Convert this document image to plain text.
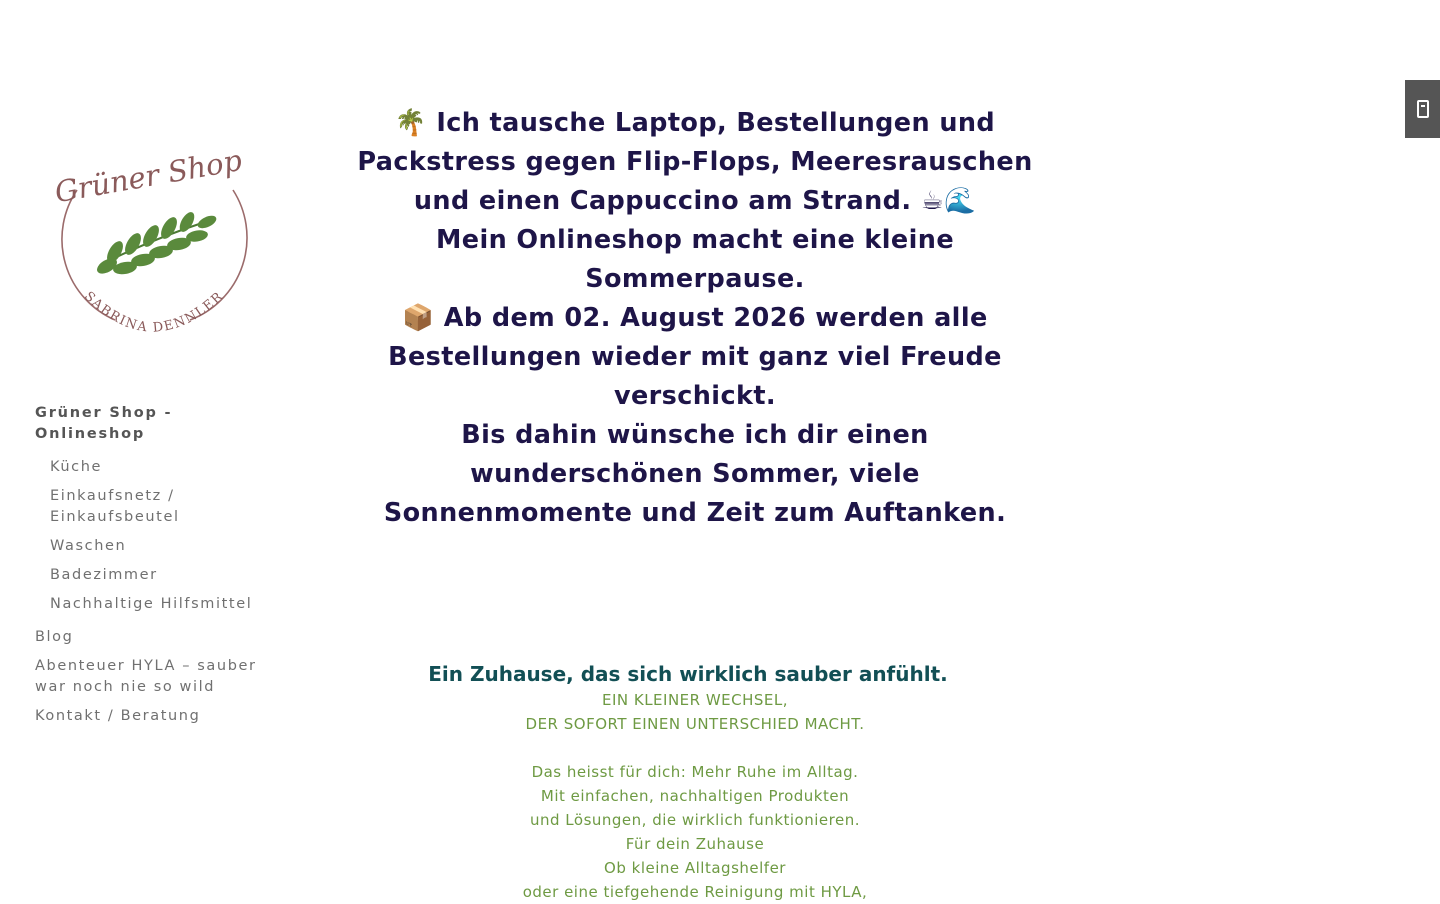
Grüner Shop
SABRINA DENNLER
Grüner Shop - Onlineshop
Küche
Einkaufsnetz / Einkaufsbeutel
Waschen
Badezimmer
Nachhaltige Hilfsmittel
Blog
Abenteuer HYLA – sauber war noch nie so wild
Kontakt / Beratung
🌴 Ich tausche Laptop, Bestellungen und
Packstress gegen Flip-Flops, Meeresrauschen
und einen Cappuccino am Strand. ☕🌊
Mein Onlineshop macht eine kleine
Sommerpause.
📦 Ab dem 02. August 2026 werden alle
Bestellungen wieder mit ganz viel Freude
verschickt.
Bis dahin wünsche ich dir einen
wunderschönen Sommer, viele
Sonnenmomente und Zeit zum Auftanken.
Ein Zuhause, das sich wirklich sauber anfühlt.
EIN KLEINER WECHSEL,
DER SOFORT EINEN UNTERSCHIED MACHT.
Das heisst für dich: Mehr Ruhe im Alltag.
Mit einfachen, nachhaltigen Produkten
und Lösungen, die wirklich funktionieren.
Für dein Zuhause
Ob kleine Alltagshelfer
oder eine tiefgehende Reinigung mit HYLA,
